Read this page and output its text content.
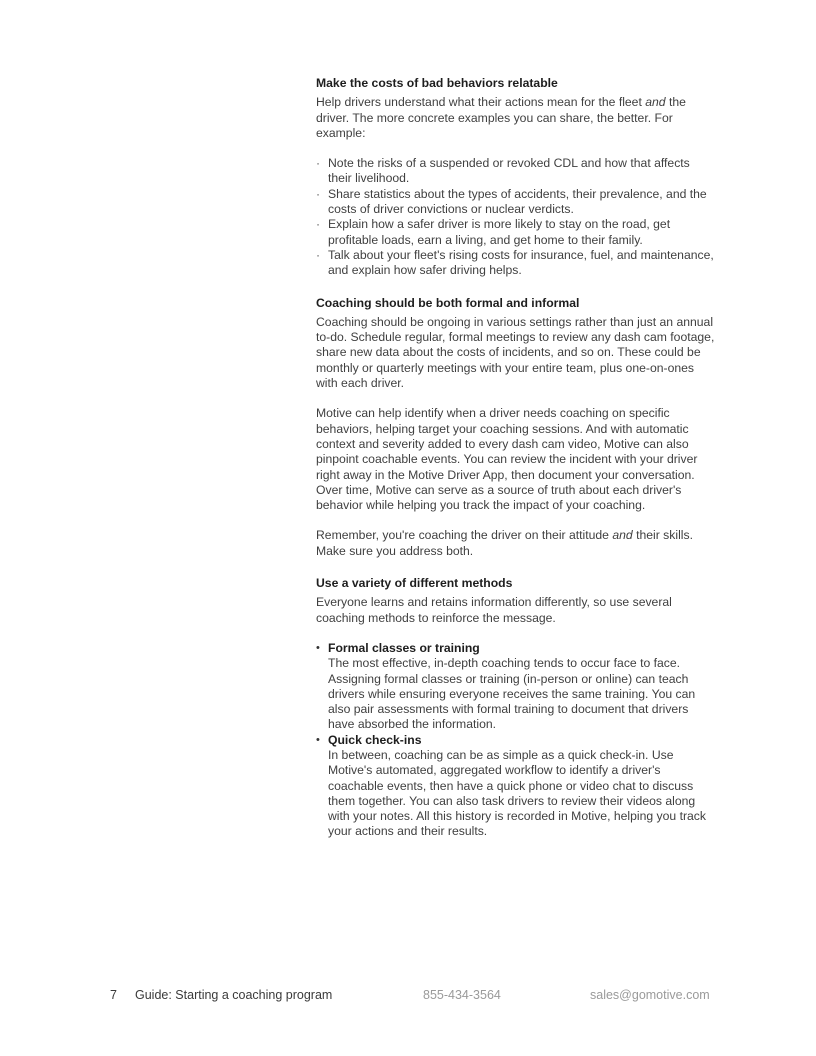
Make the costs of bad behaviors relatable

Help drivers understand what their actions mean for the fleet and the driver. The more concrete examples you can share, the better. For example:

· Note the risks of a suspended or revoked CDL and how that affects their livelihood.
· Share statistics about the types of accidents, their prevalence, and the costs of driver convictions or nuclear verdicts.
· Explain how a safer driver is more likely to stay on the road, get profitable loads, earn a living, and get home to their family.
· Talk about your fleet's rising costs for insurance, fuel, and maintenance, and explain how safer driving helps.
Coaching should be both formal and informal

Coaching should be ongoing in various settings rather than just an annual to-do. Schedule regular, formal meetings to review any dash cam footage, share new data about the costs of incidents, and so on. These could be monthly or quarterly meetings with your entire team, plus one-on-ones with each driver.

Motive can help identify when a driver needs coaching on specific behaviors, helping target your coaching sessions. And with automatic context and severity added to every dash cam video, Motive can also pinpoint coachable events. You can review the incident with your driver right away in the Motive Driver App, then document your conversation. Over time, Motive can serve as a source of truth about each driver's behavior while helping you track the impact of your coaching.

Remember, you're coaching the driver on their attitude and their skills. Make sure you address both.

Use a variety of different methods

Everyone learns and retains information differently, so use several coaching methods to reinforce the message.

• Formal classes or training
The most effective, in-depth coaching tends to occur face to face. Assigning formal classes or training (in-person or online) can teach drivers while ensuring everyone receives the same training. You can also pair assessments with formal training to document that drivers have absorbed the information.
• Quick check-ins
In between, coaching can be as simple as a quick check-in. Use Motive's automated, aggregated workflow to identify a driver's coachable events, then have a quick phone or video chat to discuss them together. You can also task drivers to review their videos along with your notes. All this history is recorded in Motive, helping you track your actions and their results.
7 Guide: Starting a coaching program	855-434-3564	sales@gomotive.com
